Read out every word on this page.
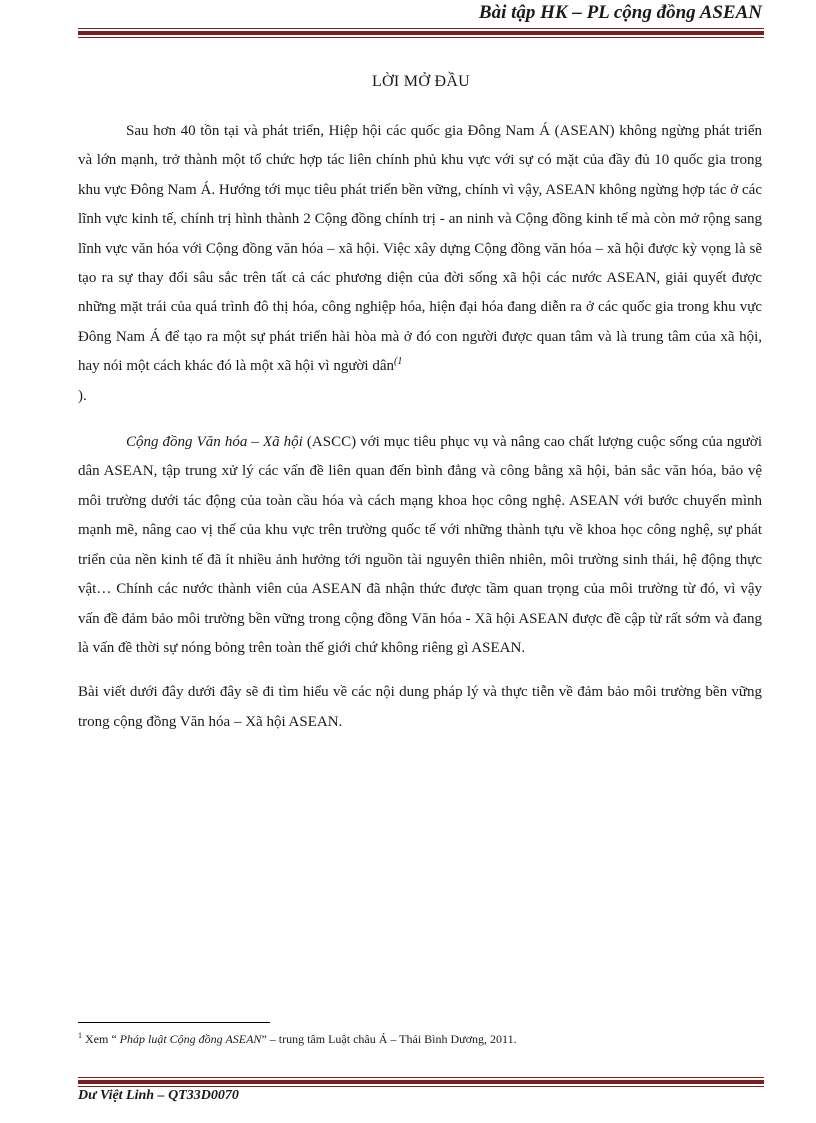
Bài tập HK – PL cộng đồng ASEAN
LỜI MỞ ĐẦU

Sau hơn 40 tồn tại và phát triển, Hiệp hội các quốc gia Đông Nam Á (ASEAN) không ngừng phát triển và lớn mạnh, trở thành một tổ chức hợp tác liên chính phủ khu vực với sự có mặt của đầy đủ 10 quốc gia trong khu vực Đông Nam Á. Hướng tới mục tiêu phát triển bền vững, chính vì vậy, ASEAN không ngừng hợp tác ở các lĩnh vực kinh tế, chính trị hình thành 2 Cộng đồng chính trị - an ninh và Cộng đồng kinh tế mà còn mở rộng sang lĩnh vực văn hóa với Cộng đồng văn hóa – xã hội. Việc xây dựng Cộng đồng văn hóa – xã hội được kỳ vọng là sẽ tạo ra sự thay đổi sâu sắc trên tất cả các phương diện của đời sống xã hội các nước ASEAN, giải quyết được những mặt trái của quá trình đô thị hóa, công nghiệp hóa, hiện đại hóa đang diễn ra ở các quốc gia trong khu vực Đông Nam Á để tạo ra một sự phát triển hài hòa mà ở đó con người được quan tâm và là trung tâm của xã hội, hay nói một cách khác đó là một xã hội vì người dân$^{(1}$
).

Cộng đồng Văn hóa – Xã hội (ASCC) với mục tiêu phục vụ và nâng cao chất lượng cuộc sống của người dân ASEAN, tập trung xử lý các vấn đề liên quan đến bình đẳng và công bằng xã hội, bản sắc văn hóa, bảo vệ môi trường dưới tác động của toàn cầu hóa và cách mạng khoa học công nghệ. ASEAN với bước chuyển mình mạnh mẽ, nâng cao vị thế của khu vực trên trường quốc tế với những thành tựu về khoa học công nghệ, sự phát triển của nền kinh tế đã ít nhiều ảnh hưởng tới nguồn tài nguyên thiên nhiên, môi trường sinh thái, hệ động thực vật… Chính các nước thành viên của ASEAN đã nhận thức được tầm quan trọng của môi trường từ đó, vì vậy vấn đề đảm bảo môi trường bền vững trong cộng đồng Văn hóa - Xã hội ASEAN được đề cập từ rất sớm và đang là vấn đề thời sự nóng bỏng trên toàn thế giới chứ không riêng gì ASEAN.

Bài viết dưới đây dưới đây sẽ đi tìm hiểu về các nội dung pháp lý và thực tiễn về đảm bảo môi trường bền vững trong cộng đồng Văn hóa – Xã hội ASEAN.

$^1$ Xem “ Pháp luật Cộng đồng ASEAN” – trung tâm Luật châu Á – Thái Bình Dương, 2011.
Dư Việt Linh – QT33D0070
